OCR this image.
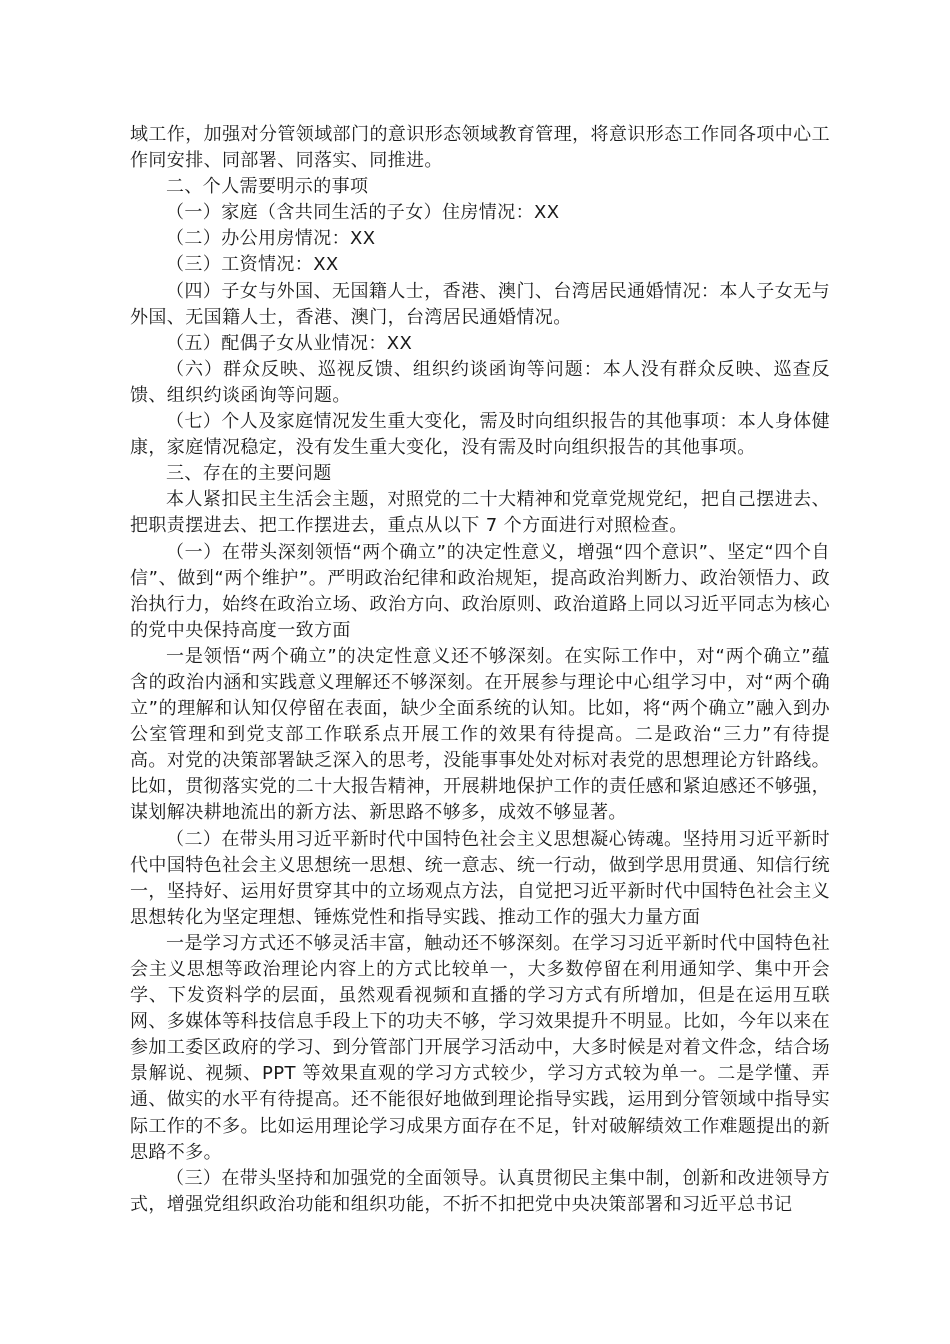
域工作，加强对分管领域部门的意识形态领域教育管理，将意识形态工作同各项中心工作同安排、同部署、同落实、同推进。

二、个人需要明示的事项

（一）家庭（含共同生活的子女）住房情况：XX

（二）办公用房情况：XX

（三）工资情况：XX

（四）子女与外国、无国籍人士，香港、澳门、台湾居民通婚情况：本人子女无与外国、无国籍人士，香港、澳门，台湾居民通婚情况。

（五）配偶子女从业情况：XX

（六）群众反映、巡视反馈、组织约谈函询等问题：本人没有群众反映、巡查反馈、组织约谈函询等问题。

（七）个人及家庭情况发生重大变化，需及时向组织报告的其他事项：本人身体健康，家庭情况稳定，没有发生重大变化，没有需及时向组织报告的其他事项。

三、存在的主要问题

本人紧扣民主生活会主题，对照党的二十大精神和党章党规党纪，把自己摆进去、把职责摆进去、把工作摆进去，重点从以下 7 个方面进行对照检查。

（一）在带头深刻领悟“两个确立”的决定性意义，增强“四个意识”、坚定“四个自信”、做到“两个维护”。严明政治纪律和政治规矩，提高政治判断力、政治领悟力、政治执行力，始终在政治立场、政治方向、政治原则、政治道路上同以习近平同志为核心的党中央保持高度一致方面

一是领悟“两个确立”的决定性意义还不够深刻。在实际工作中，对“两个确立”蕴含的政治内涵和实践意义理解还不够深刻。在开展参与理论中心组学习中，对“两个确立”的理解和认知仅停留在表面，缺少全面系统的认知。比如，将“两个确立”融入到办公室管理和到党支部工作联系点开展工作的效果有待提高。二是政治“三力”有待提高。对党的决策部署缺乏深入的思考，没能事事处处对标对表党的思想理论方针路线。比如，贯彻落实党的二十大报告精神，开展耕地保护工作的责任感和紧迫感还不够强，谋划解决耕地流出的新方法、新思路不够多，成效不够显著。

（二）在带头用习近平新时代中国特色社会主义思想凝心铸魂。坚持用习近平新时代中国特色社会主义思想统一思想、统一意志、统一行动，做到学思用贯通、知信行统一，坚持好、运用好贯穿其中的立场观点方法，自觉把习近平新时代中国特色社会主义思想转化为坚定理想、锤炼党性和指导实践、推动工作的强大力量方面

一是学习方式还不够灵活丰富，触动还不够深刻。在学习习近平新时代中国特色社会主义思想等政治理论内容上的方式比较单一，大多数停留在利用通知学、集中开会学、下发资料学的层面，虽然观看视频和直播的学习方式有所增加，但是在运用互联网、多媒体等科技信息手段上下的功夫不够，学习效果提升不明显。比如，今年以来在参加工委区政府的学习、到分管部门开展学习活动中，大多时候是对着文件念，结合场景解说、视频、PPT 等效果直观的学习方式较少，学习方式较为单一。二是学懂、弄通、做实的水平有待提高。还不能很好地做到理论指导实践，运用到分管领域中指导实际工作的不多。比如运用理论学习成果方面存在不足，针对破解绩效工作难题提出的新思路不多。

（三）在带头坚持和加强党的全面领导。认真贯彻民主集中制，创新和改进领导方式，增强党组织政治功能和组织功能，不折不扣把党中央决策部署和习近平总书记
